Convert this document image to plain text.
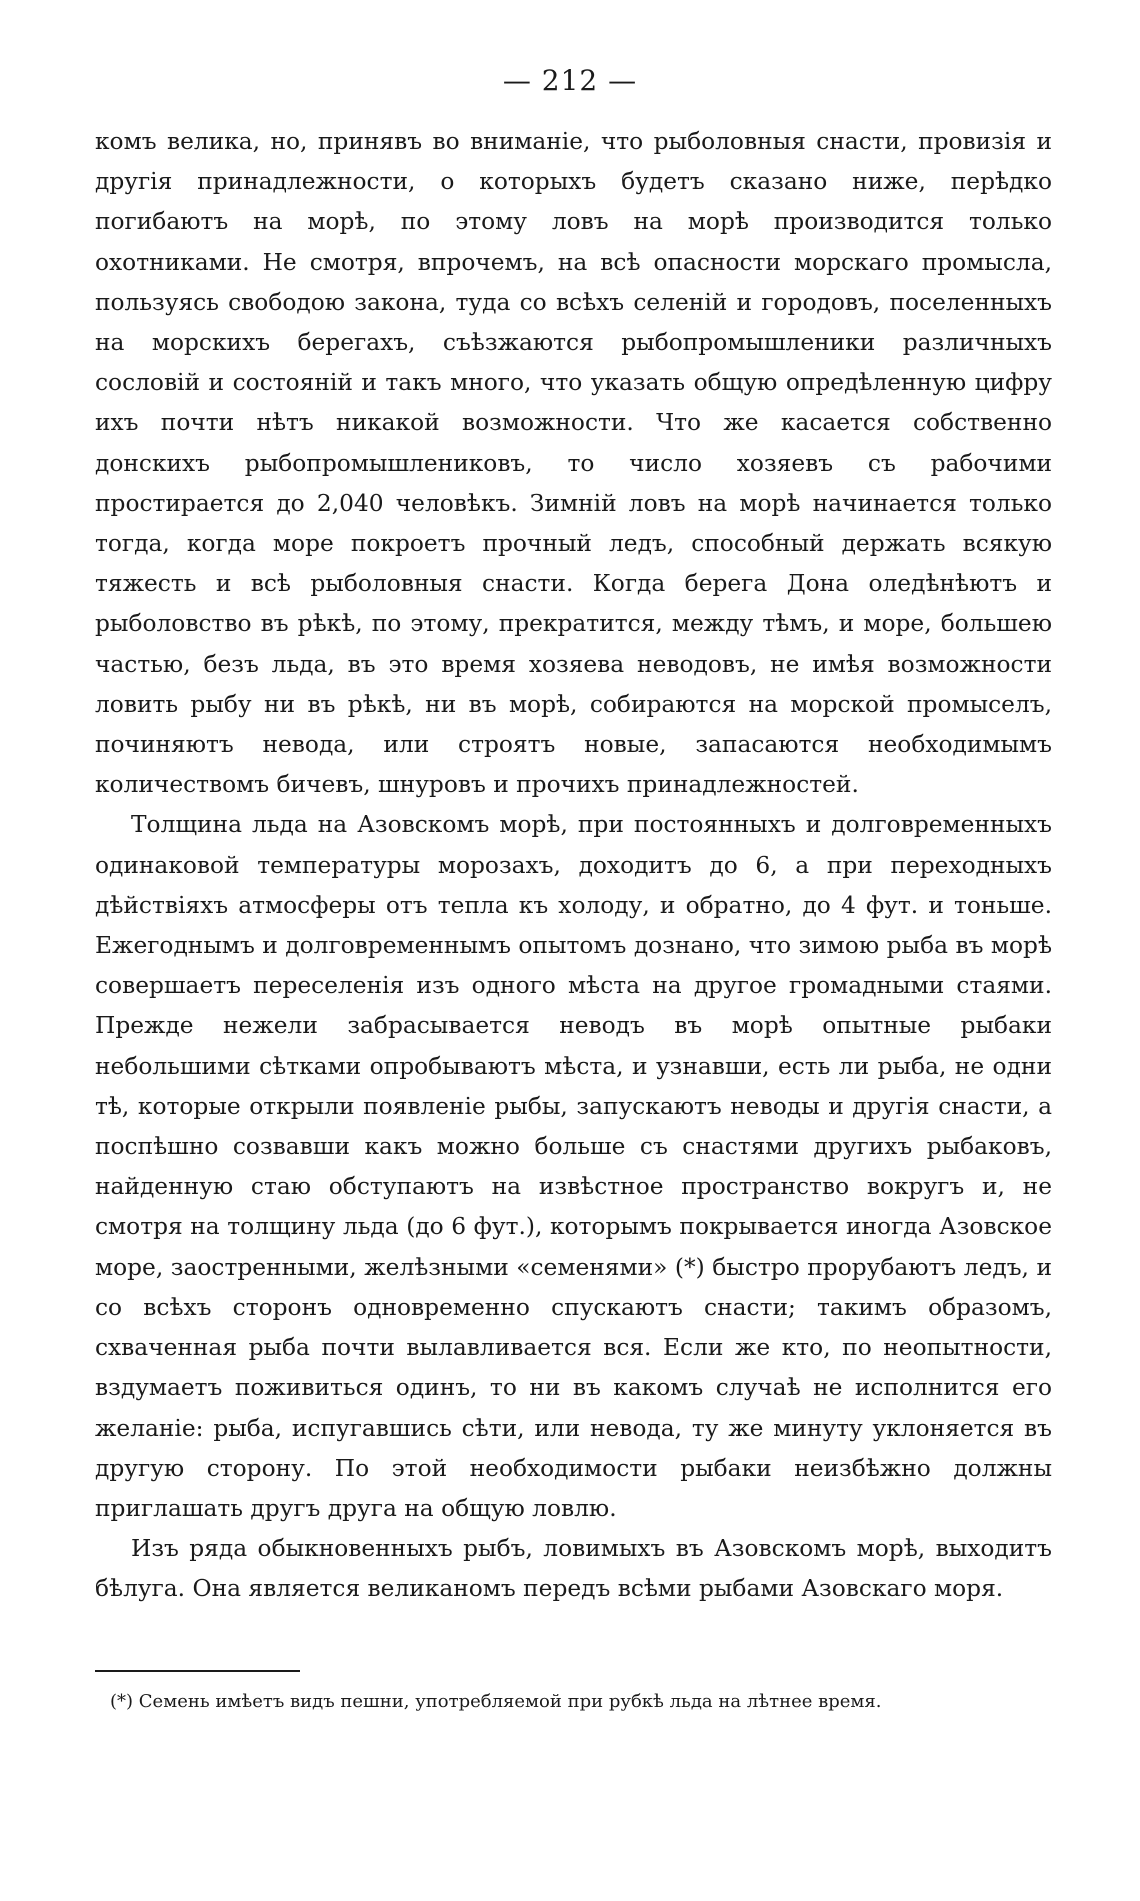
— 212 —

комъ велика, но, принявъ во вниманіе, что рыболовныя снасти, провизія и другія принадлежности, о которыхъ будетъ сказано ниже, перѣдко погибаютъ на морѣ, по этому ловъ на морѣ производится только охотниками. Не смотря, впрочемъ, на всѣ опасности морскаго промысла, пользуясь свободою закона, туда со всѣхъ селеній и городовъ, поселенныхъ на морскихъ берегахъ, съѣзжаются рыбопромышленики различныхъ сословій и состояній и такъ много, что указать общую опредѣленную цифру ихъ почти нѣтъ никакой возможности. Что же касается собственно донскихъ рыбопромышлениковъ, то число хозяевъ съ рабочими простирается до 2,040 человѣкъ. Зимній ловъ на морѣ начинается только тогда, когда море покроетъ прочный ледъ, способный держать всякую тяжесть и всѣ рыболовныя снасти. Когда берега Дона оледѣнѣютъ и рыболовство въ рѣкѣ, по этому, прекратится, между тѣмъ, и море, большею частью, безъ льда, въ это время хозяева неводовъ, не имѣя возможности ловить рыбу ни въ рѣкѣ, ни въ морѣ, собираются на морской промыселъ, починяютъ невода, или строятъ новые, запасаются необходимымъ количествомъ бичевъ, шнуровъ и прочихъ принадлежностей.

Толщина льда на Азовскомъ морѣ, при постоянныхъ и долговременныхъ одинаковой температуры морозахъ, доходитъ до 6, а при переходныхъ дѣйствіяхъ атмосферы отъ тепла къ холоду, и обратно, до 4 фут. и тоньше. Ежегоднымъ и долговременнымъ опытомъ дознано, что зимою рыба въ морѣ совершаетъ переселенія изъ одного мѣста на другое громадными стаями. Прежде нежели забрасывается неводъ въ морѣ опытные рыбаки небольшими сѣтками опробываютъ мѣста, и узнавши, есть ли рыба, не одни тѣ, которые открыли появленіе рыбы, запускаютъ неводы и другія снасти, а поспѣшно созвавши какъ можно больше съ снастями другихъ рыбаковъ, найденную стаю обступаютъ на извѣстное пространство вокругъ и, не смотря на толщину льда (до 6 фут.), которымъ покрывается иногда Азовское море, заостренными, желѣзными «семенями» (*) быстро прорубаютъ ледъ, и со всѣхъ сторонъ одновременно спускаютъ снасти; такимъ образомъ, схваченная рыба почти вылавливается вся. Если же кто, по неопытности, вздумаетъ поживиться одинъ, то ни въ какомъ случаѣ не исполнится его желаніе: рыба, испугавшись сѣти, или невода, ту же минуту уклоняется въ другую сторону. По этой необходимости рыбаки неизбѣжно должны приглашать другъ друга на общую ловлю.

Изъ ряда обыкновенныхъ рыбъ, ловимыхъ въ Азовскомъ морѣ, выходитъ бѣлуга. Она является великаномъ передъ всѣми рыбами Азовскаго моря.

(*) Семень имѣетъ видъ пешни, употребляемой при рубкѣ льда на лѣтнее время.
